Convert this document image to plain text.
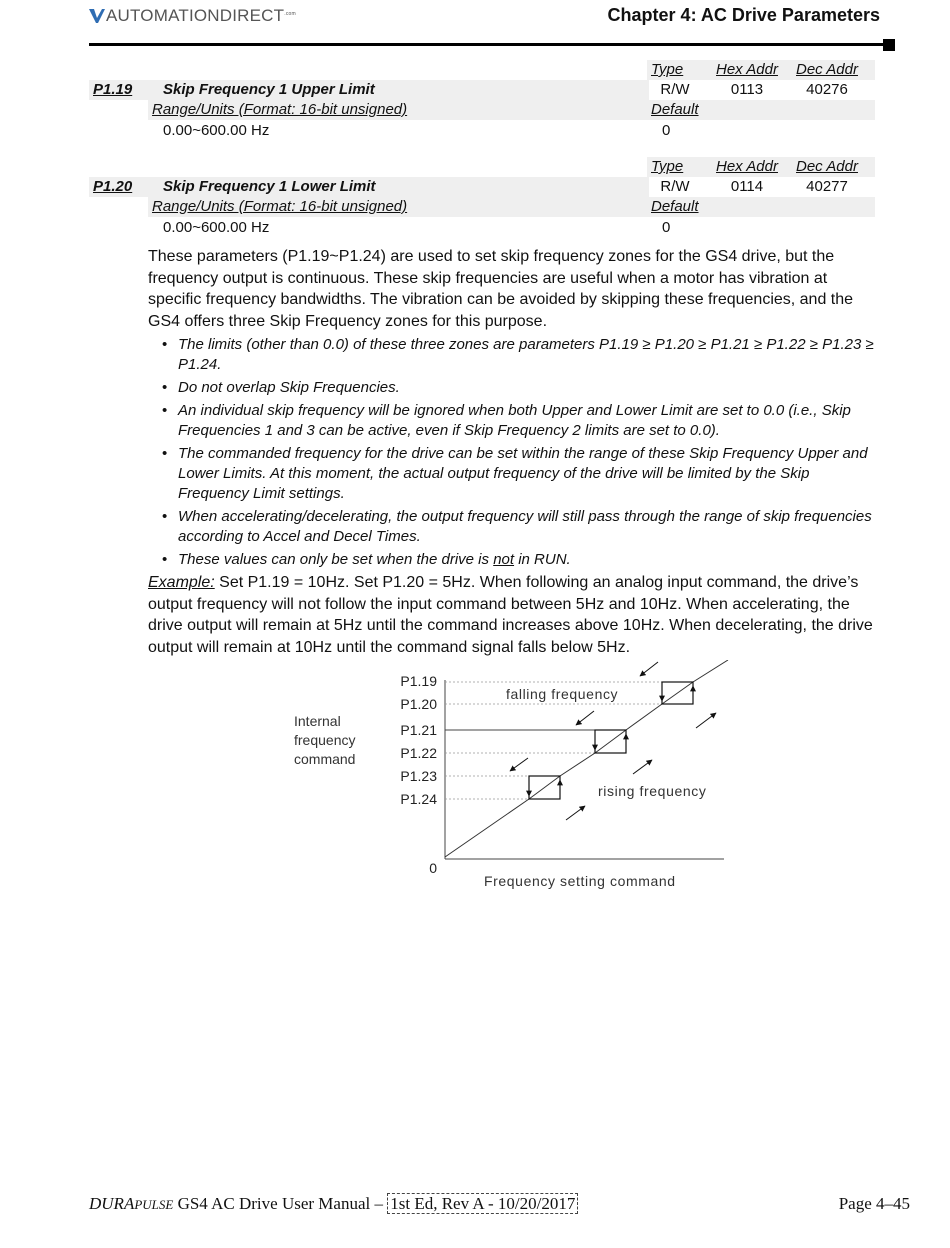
$AUTOMATIONDIRECT^{.com}$	Chapter 4: AC Drive Parameters
Type	Hex Addr	Dec Addr
P1.19 Skip Frequency 1 Upper Limit	R/W	0113	40276
Range/Units (Format: 16-bit unsigned)	Default
0.00~600.00 Hz	0
Type	Hex Addr	Dec Addr
P1.20 Skip Frequency 1 Lower Limit	R/W	0114	40277
Range/Units (Format: 16-bit unsigned)	Default
0.00~600.00 Hz	0

These parameters (P1.19~P1.24) are used to set skip frequency zones for the GS4 drive, but the frequency output is continuous. These skip frequencies are useful when a motor has vibration at specific frequency bandwidths. The vibration can be avoided by skipping these frequencies, and the GS4 offers three Skip Frequency zones for this purpose.

• The limits (other than 0.0) of these three zones are parameters P1.19 ≥ P1.20 ≥ P1.21 ≥ P1.22 ≥ P1.23 ≥ P1.24.
• Do not overlap Skip Frequencies.
• An individual skip frequency will be ignored when both Upper and Lower Limit are set to 0.0 (i.e., Skip Frequencies 1 and 3 can be active, even if Skip Frequency 2 limits are set to 0.0).
• The commanded frequency for the drive can be set within the range of these Skip Frequency Upper and Lower Limits. At this moment, the actual output frequency of the drive will be limited by the Skip Frequency Limit settings.
• When accelerating/decelerating, the output frequency will still pass through the range of skip frequencies according to Accel and Decel Times.
• These values can only be set when the drive is not in RUN.

Example: Set P1.19 = 10Hz. Set P1.20 = 5Hz. When following an analog input command, the drive’s output frequency will not follow the input command between 5Hz and 10Hz. When accelerating, the drive output will remain at 5Hz until the command increases above 10Hz. When decelerating, the drive output will remain at 10Hz until the command signal falls below 5Hz.

P1.19
P1.20
P1.21
P1.22
P1.23
P1.24
0
Internal
frequency
command
Frequency setting command
falling frequency
rising frequency
DURAPULSE GS4 AC Drive User Manual – 1st Ed, Rev A - 10/20/2017	Page 4–45
